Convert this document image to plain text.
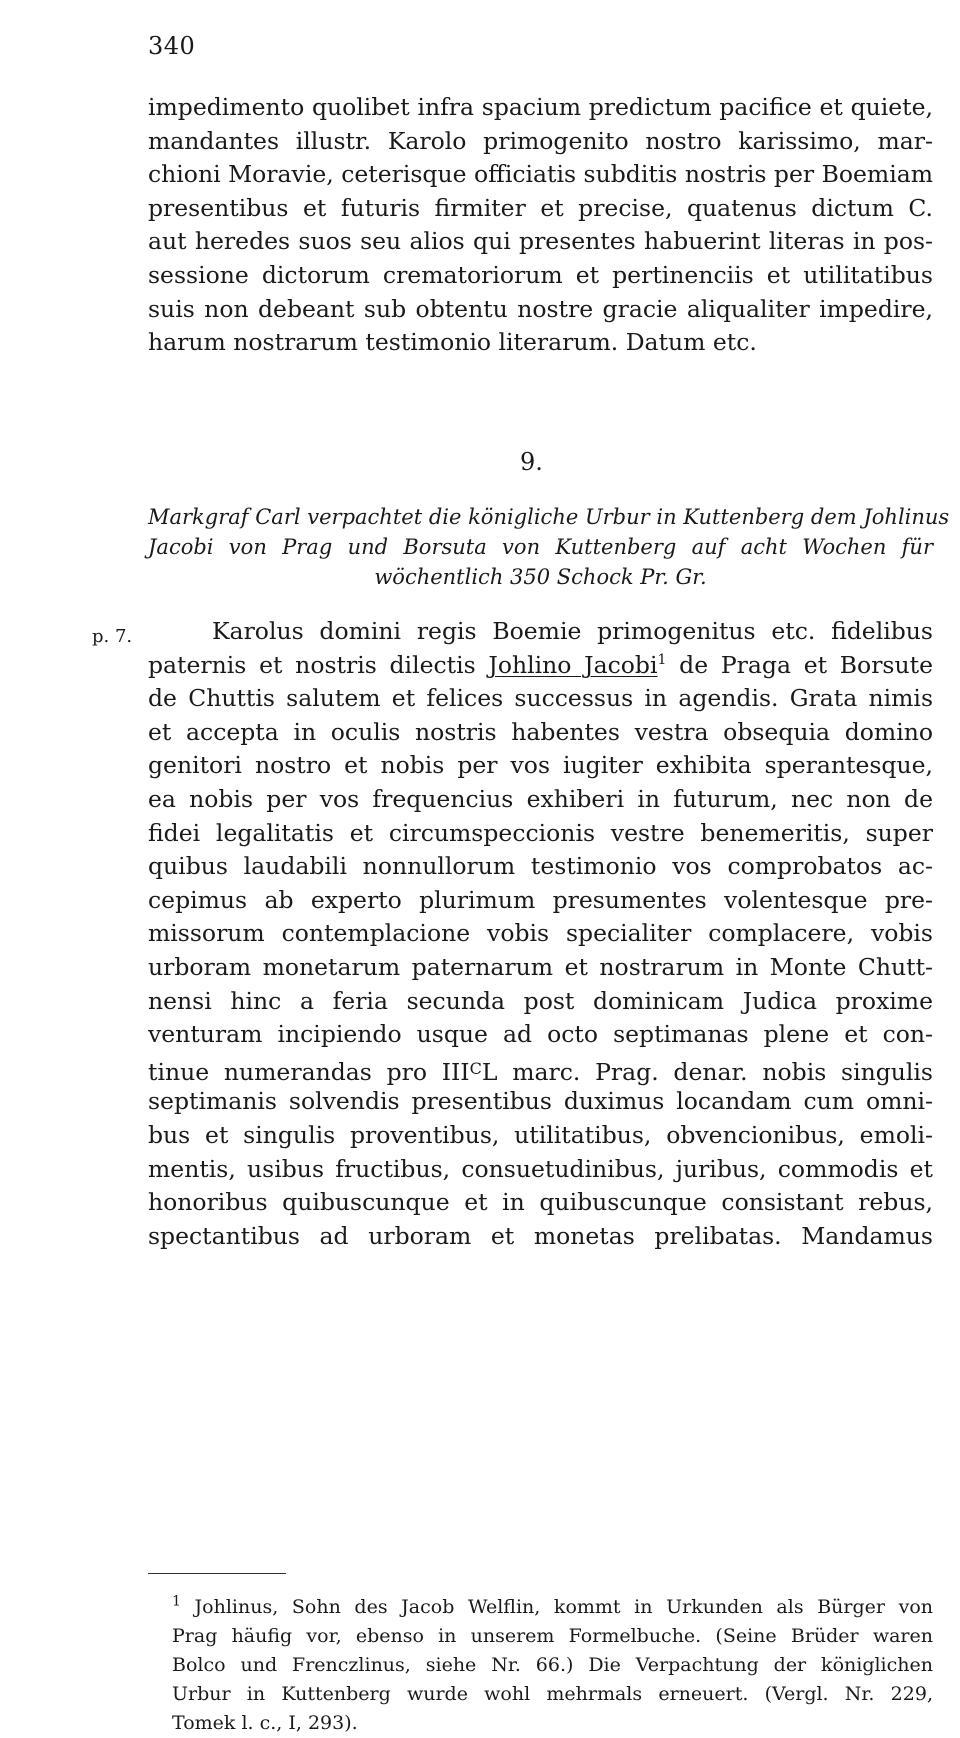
340
impedimento quolibet infra spacium predictum pacifice et quiete,
mandantes illustr. Karolo primogenito nostro karissimo, mar-
chioni Moravie, ceterisque officiatis subditis nostris per Boemiam
presentibus et futuris firmiter et precise, quatenus dictum C.
aut heredes suos seu alios qui presentes habuerint literas in pos-
sessione dictorum crematoriorum et pertinenciis et utilitatibus
suis non debeant sub obtentu nostre gracie aliqualiter impedire,
harum nostrarum testimonio literarum. Datum etc.
9.
Markgraf Carl verpachtet die königliche Urbur in Kuttenberg dem Johlinus
Jacobi von Prag und Borsuta von Kuttenberg auf acht Wochen für
wöchentlich 350 Schock Pr. Gr.
p. 7.	Karolus domini regis Boemie primogenitus etc. fidelibus
paternis et nostris dilectis Johlino Jacobi$^1$ de Praga et Borsute
de Chuttis salutem et felices successus in agendis. Grata nimis
et accepta in oculis nostris habentes vestra obsequia domino
genitori nostro et nobis per vos iugiter exhibita sperantesque,
ea nobis per vos frequencius exhiberi in futurum, nec non de
fidei legalitatis et circumspeccionis vestre benemeritis, super
quibus laudabili nonnullorum testimonio vos comprobatos ac-
cepimus ab experto plurimum presumentes volentesque pre-
missorum contemplacione vobis specialiter complacere, vobis
urboram monetarum paternarum et nostrarum in Monte Chutt-
nensi hinc a feria secunda post dominicam Judica proxime
venturam incipiendo usque ad octo septimanas plene et con-
tinue numerandas pro $III^CL$ marc. Prag. denar. nobis singulis
septimanis solvendis presentibus duximus locandam cum omni-
bus et singulis proventibus, utilitatibus, obvencionibus, emoli-
mentis, usibus fructibus, consuetudinibus, juribus, commodis et
honoribus quibuscunque et in quibuscunque consistant rebus,
spectantibus ad urboram et monetas prelibatas. Mandamus
$^1$ Johlinus, Sohn des Jacob Welflin, kommt in Urkunden als Bürger von
Prag häufig vor, ebenso in unserem Formelbuche. (Seine Brüder waren
Bolco und Frenczlinus, siehe Nr. 66.) Die Verpachtung der königlichen
Urbur in Kuttenberg wurde wohl mehrmals erneuert. (Vergl. Nr. 229,
Tomek l. c., I, 293).
